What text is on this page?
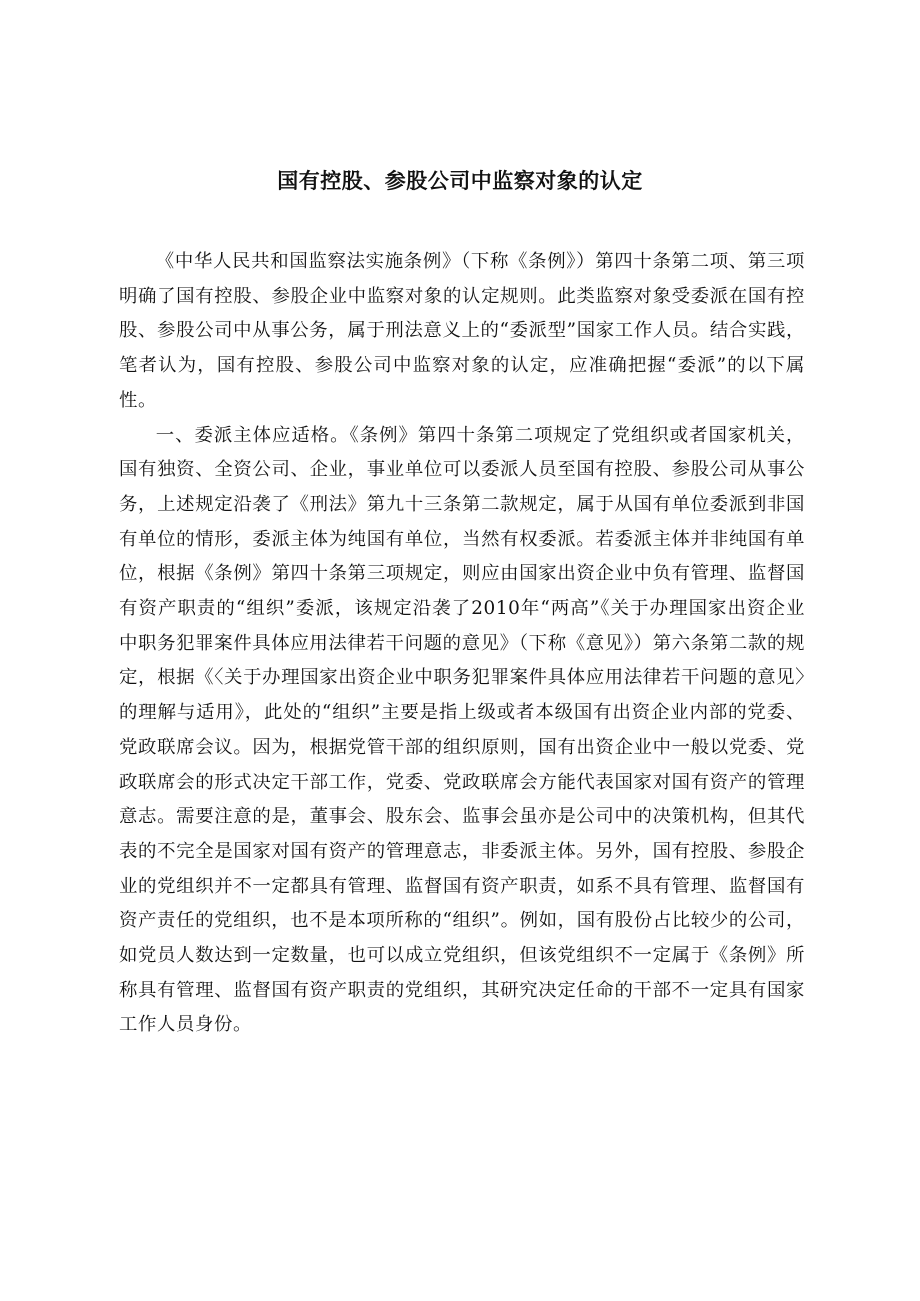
国有控股、参股公司中监察对象的认定

《中华人民共和国监察法实施条例》（下称《条例》）第四十条第二项、第三项明确了国有控股、参股企业中监察对象的认定规则。此类监察对象受委派在国有控股、参股公司中从事公务，属于刑法意义上的“委派型”国家工作人员。结合实践，笔者认为，国有控股、参股公司中监察对象的认定，应准确把握“委派”的以下属性。

一、委派主体应适格。《条例》第四十条第二项规定了党组织或者国家机关，国有独资、全资公司、企业，事业单位可以委派人员至国有控股、参股公司从事公务，上述规定沿袭了《刑法》第九十三条第二款规定，属于从国有单位委派到非国有单位的情形，委派主体为纯国有单位，当然有权委派。若委派主体并非纯国有单位，根据《条例》第四十条第三项规定，则应由国家出资企业中负有管理、监督国有资产职责的“组织”委派，该规定沿袭了2010年“两高”《关于办理国家出资企业中职务犯罪案件具体应用法律若干问题的意见》（下称《意见》）第六条第二款的规定，根据《〈关于办理国家出资企业中职务犯罪案件具体应用法律若干问题的意见〉的理解与适用》，此处的“组织”主要是指上级或者本级国有出资企业内部的党委、党政联席会议。因为，根据党管干部的组织原则，国有出资企业中一般以党委、党政联席会的形式决定干部工作，党委、党政联席会方能代表国家对国有资产的管理意志。需要注意的是，董事会、股东会、监事会虽亦是公司中的决策机构，但其代表的不完全是国家对国有资产的管理意志，非委派主体。另外，国有控股、参股企业的党组织并不一定都具有管理、监督国有资产职责，如系不具有管理、监督国有资产责任的党组织，也不是本项所称的“组织”。例如，国有股份占比较少的公司，如党员人数达到一定数量，也可以成立党组织，但该党组织不一定属于《条例》所称具有管理、监督国有资产职责的党组织，其研究决定任命的干部不一定具有国家工作人员身份。
